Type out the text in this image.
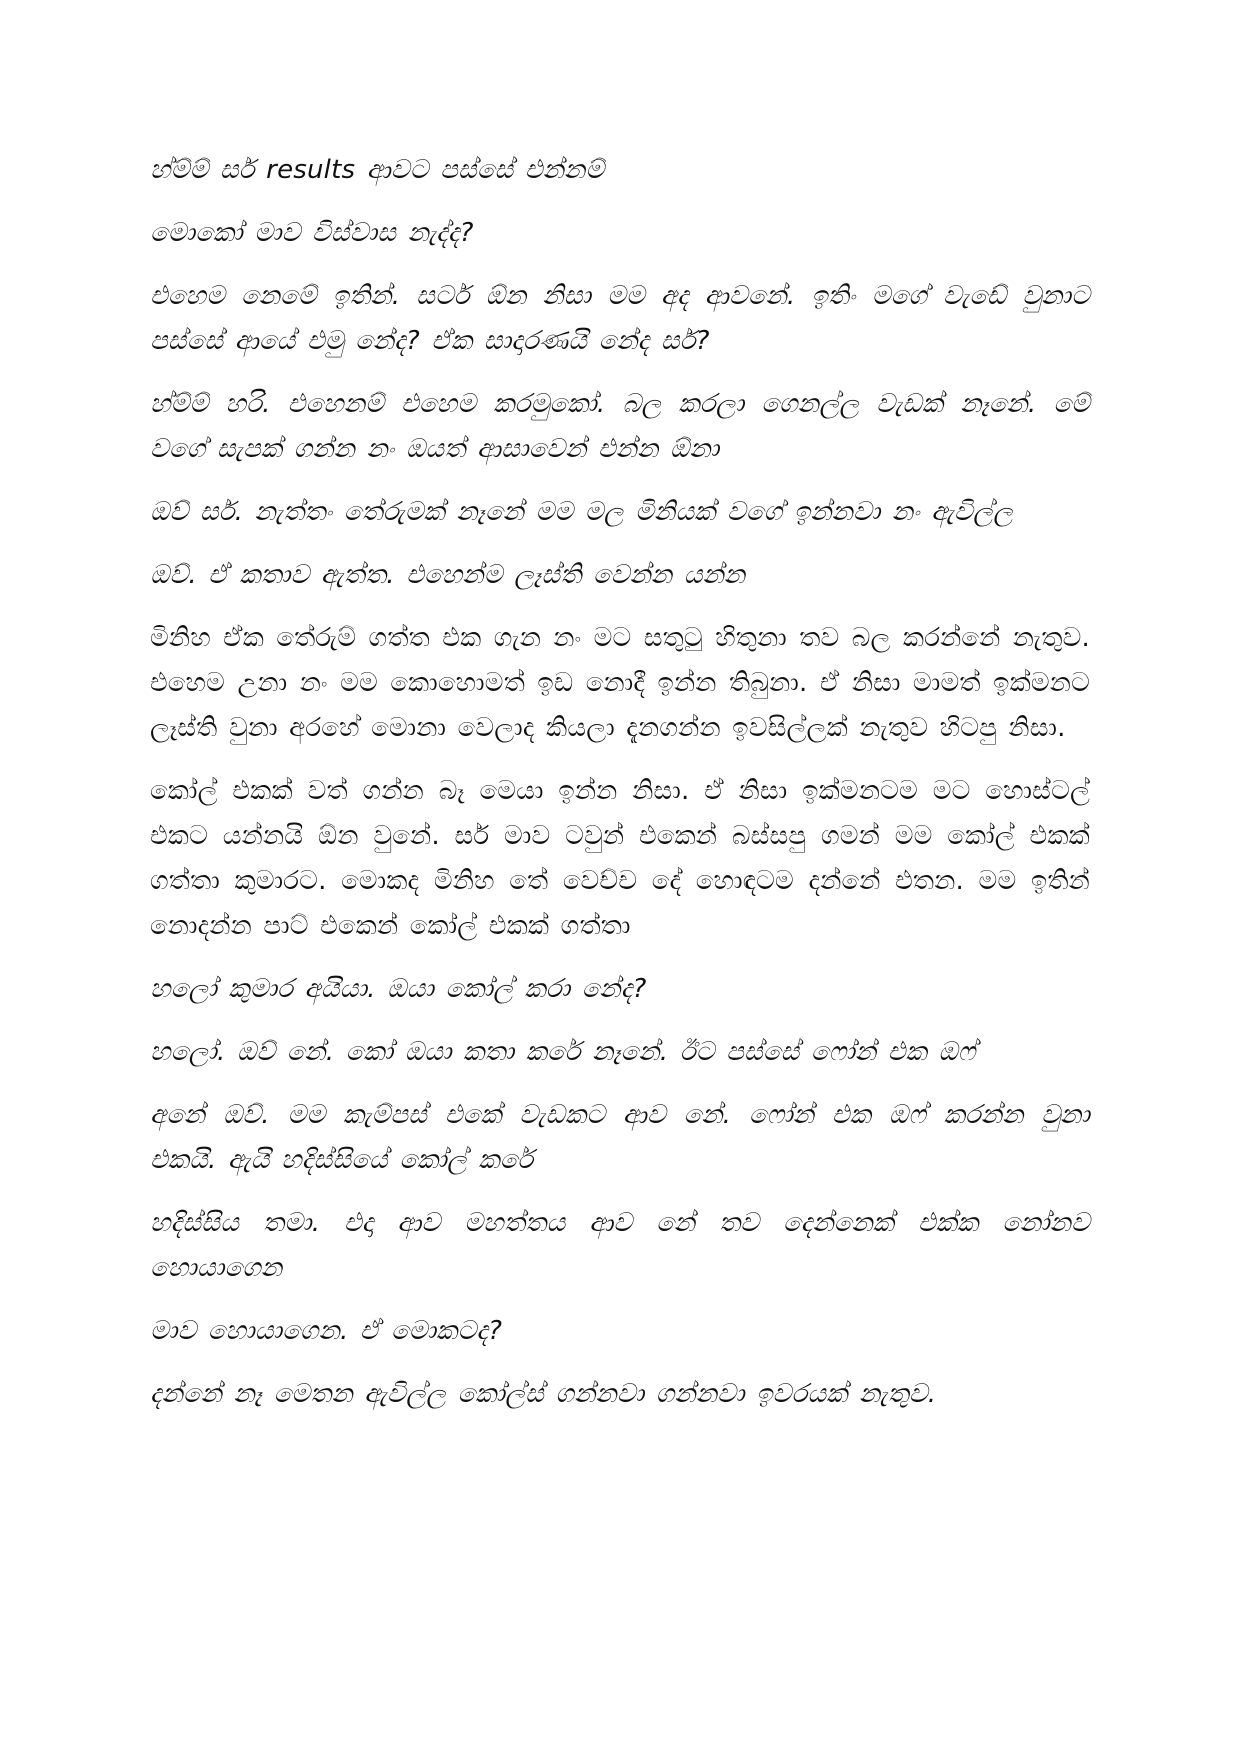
හ්ම්ම් සර් results ආවට පස්සේ එන්නම්

මොකෝ මාව විස්වාස නැද්ද?

එහෙම නෙමේ ඉතින්. සර්ට ඕන නිසා මම අද ආවනේ. ඉතිං මගේ වැඩේ වුනාට පස්සේ ආයේ එමු නේද? ඒක සාදාරණයි නේද සර්?

හ්ම්ම් හරි. එහෙනම් එහෙම කරමුකෝ. බල කරලා ගෙනල්ල වැඩක් නෑනේ. මේ වගේ සැපක් ගන්න නං ඔයත් ආසාවෙන් එන්න ඕනා

ඔව් සර්. නැත්තං තේරුමක් නෑනේ මම මල මිනියක් වගේ ඉන්නවා නං ඇවිල්ල

ඔව්. ඒ කතාව ඇත්ත. එහෙන්ම ලෑස්ති වෙන්න යන්න

මිනිහ ඒක තේරුම් ගත්ත එක ගැන නං මට සතුටු හිතුනා තව බල කරන්නේ නැතුව. එහෙම උනා නං මම කොහොමත් ඉඩ නොදී ඉන්න තිබුනා. ඒ නිසා මාමත් ඉක්මනට ලෑස්ති වුනා අරහේ මොනා වෙලාද කියලා දැනගන්න ඉවසිල්ලක් නැතුව හිටපු නිසා.

කෝල් එකක් වත් ගන්න බෑ මෙයා ඉන්න නිසා. ඒ නිසා ඉක්මනටම මට හොස්ටල් එකට යන්නයි ඕන වුනේ. සර් මාව ටවුන් එකෙන් බස්සපු ගමන් මම කෝල් එකක් ගත්තා කුමාරට. මොකද මිනිහ තේ වෙච්ච දේ හොඳටම දන්නේ එතන. මම ඉතින් නොදන්න පාට් එකෙන් කෝල් එකක් ගත්තා

හලෝ කුමාර අයියා. ඔයා කෝල් කරා නේද?

හලෝ. ඔව් නේ. කෝ ඔයා කතා කරේ නෑනේ. ඊට පස්සේ ෆෝන් එක ඔෆ්

අනේ ඔව්. මම කැම්පස් එකේ වැඩකට ආව නේ. ෆෝන් එක ඔෆ් කරන්න වුනා එකයි. ඇයි හදිස්සියේ කෝල් කරේ

හදිස්සිය තමා. එදා ආව මහත්තය ආව නේ තව දෙන්නෙක් එක්ක නෝනව හොයාගෙන

මාව හොයාගෙන. ඒ මොකටද?

දන්නේ නෑ මෙතන ඇවිල්ල කෝල්ස් ගන්නවා ගන්නවා ඉවරයක් නැතුව.
